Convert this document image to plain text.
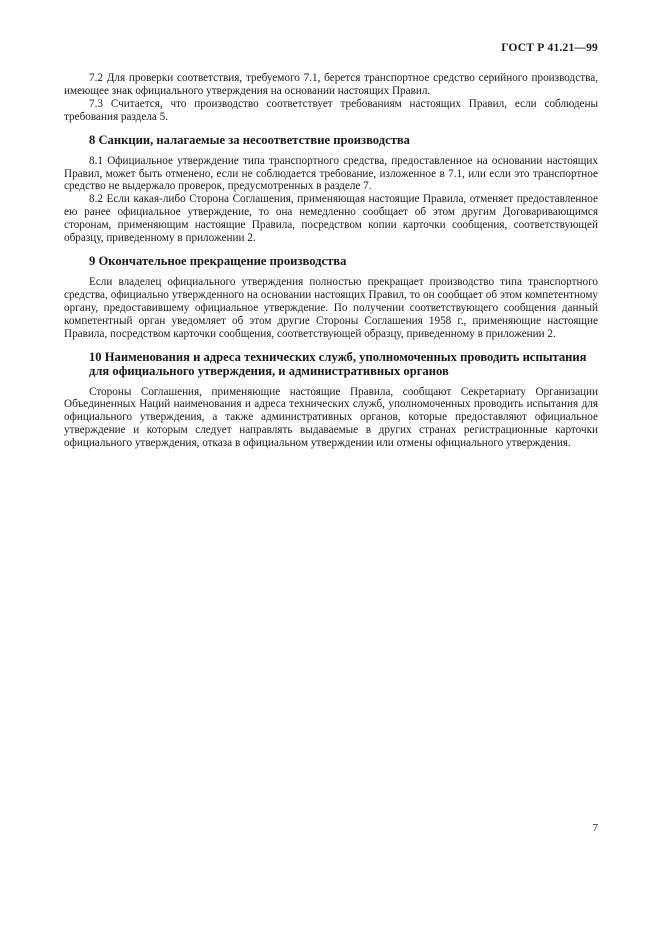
ГОСТ Р 41.21—99

7.2 Для проверки соответствия, требуемого 7.1, берется транспортное средство серийного производства, имеющее знак официального утверждения на основании настоящих Правил.

7.3 Считается, что производство соответствует требованиям настоящих Правил, если соблюдены требования раздела 5.

8 Санкции, налагаемые за несоответствие производства

8.1 Официальное утверждение типа транспортного средства, предоставленное на основании настоящих Правил, может быть отменено, если не соблюдается требование, изложенное в 7.1, или если это транспортное средство не выдержало проверок, предусмотренных в разделе 7.

8.2 Если какая-либо Сторона Соглашения, применяющая настоящие Правила, отменяет предоставленное ею ранее официальное утверждение, то она немедленно сообщает об этом другим Договаривающимся сторонам, применяющим настоящие Правила, посредством копии карточки сообщения, соответствующей образцу, приведенному в приложении 2.

9 Окончательное прекращение производства

Если владелец официального утверждения полностью прекращает производство типа транспортного средства, официально утвержденного на основании настоящих Правил, то он сообщает об этом компетентному органу, предоставившему официальное утверждение. По получении соответствующего сообщения данный компетентный орган уведомляет об этом другие Стороны Соглашения 1958 г., применяющие настоящие Правила, посредством карточки сообщения, соответствующей образцу, приведенному в приложении 2.

10 Наименования и адреса технических служб, уполномоченных проводить испытания для официального утверждения, и административных органов

Стороны Соглашения, применяющие настоящие Правила, сообщают Секретариату Организации Объединенных Наций наименования и адреса технических служб, уполномоченных проводить испытания для официального утверждения, а также административных органов, которые предоставляют официальное утверждение и которым следует направлять выдаваемые в других странах регистрационные карточки официального утверждения, отказа в официальном утверждении или отмены официального утверждения.

7
